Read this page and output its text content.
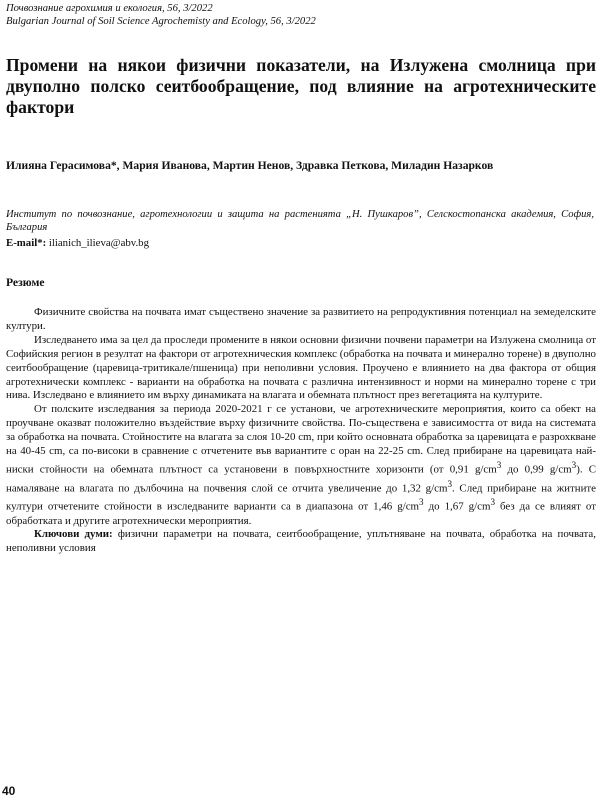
Почвознание агрохимия и екология, 56, 3/2022
Bulgarian Journal of Soil Science Agrochemisty and Ecology, 56, 3/2022
Промени на някои физични показатели, на Излужена смолница при двуполно полско сеитбообращение, под влияние на агротехническите фактори
Илияна Герасимова*, Мария Иванова, Мартин Ненов, Здравка Петкова, Миладин Назарков
Институт по почвознание, агротехнологии и защита на растенията „Н. Пушкаров”, Селскостопанска академия, София, България
E-mail*: ilianich_ilieva@abv.bg
Резюме

Физичните свойства на почвата имат съществено значение за развитието на репродуктивния потенциал на земеделските култури.

Изследването има за цел да проследи промените в някои основни физични почвени параметри на Излужена смолница от Софийския регион в резултат на фактори от агротехническия комплекс (обработка на почвата и минерално торене) в двуполно сеитбообращение (царевица-тритикале/пшеница) при неполивни условия. Проучено е влиянието на два фактора от общия агротехнически комплекс - варианти на обработка на почвата с различна интензивност и норми на минерално торене с три нива. Изследвано е влиянието им върху динамиката на влагата и обемната плътност през вегетацията на културите.

От полските изследвания за периода 2020-2021 г се установи, че агротехническите мероприятия, които са обект на проучване оказват положително въздействие върху физичните свойства. По-съществена е зависимостта от вида на системата за обработка на почвата. Стойностите на влагата за слоя 10-20 cm, при който основната обработка за царевицата е разрохкване на 40-45 cm, са по-високи в сравнение с отчетените във вариантите с оран на 22-25 cm. След прибиране на царевицата най-ниски стойности на обемната плътност са установени в повърхностните хоризонти (от 0,91 $g/cm^3$ до 0,99 $g/cm^3$). С намаляване на влагата по дълбочина на почвения слой се отчита увеличение до 1,32 $g/cm^3$. След прибиране на житните култури отчетените стойности в изследваните варианти са в диапазона от 1,46 $g/cm^3$ до 1,67 $g/cm^3$ без да се влияят от обработката и другите агротехнически мероприятия.

Ключови думи: физични параметри на почвата, сеитбообращение, уплътняване на почвата, обработка на почвата, неполивни условия

40
